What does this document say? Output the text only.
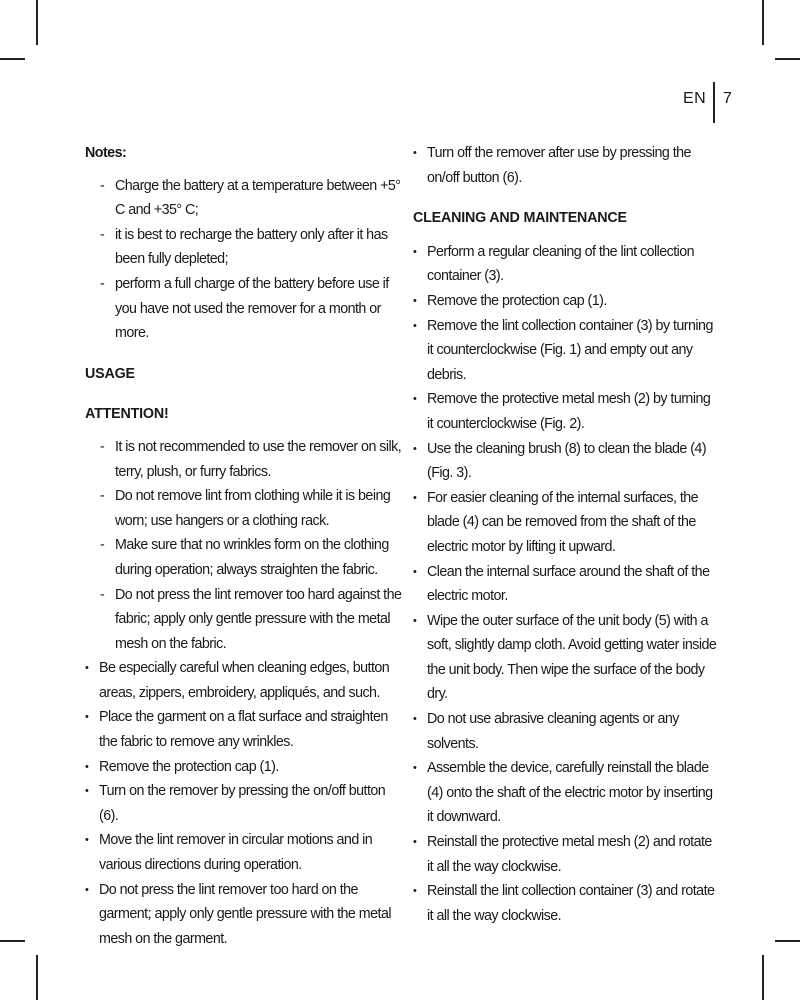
EN 7
Notes:
- Charge the battery at a temperature between +5° C and +35° C;
- it is best to recharge the battery only after it has been fully depleted;
- perform a full charge of the battery before use if you have not used the remover for a month or more.
USAGE
ATTENTION!
- It is not recommended to use the remover on silk, terry, plush, or furry fabrics.
- Do not remove lint from clothing while it is being worn; use hangers or a clothing rack.
- Make sure that no wrinkles form on the clothing during operation; always straighten the fabric.
- Do not press the lint remover too hard against the fabric; apply only gentle pressure with the metal mesh on the fabric.
• Be especially careful when cleaning edges, button areas, zippers, embroidery, appliqués, and such.
• Place the garment on a flat surface and straighten the fabric to remove any wrinkles.
• Remove the protection cap (1).
• Turn on the remover by pressing the on/off button (6).
• Move the lint remover in circular motions and in various directions during operation.
• Do not press the lint remover too hard on the garment; apply only gentle pressure with the metal mesh on the garment.
• Turn off the remover after use by pressing the on/off button (6).
CLEANING AND MAINTENANCE
• Perform a regular cleaning of the lint collection container (3).
• Remove the protection cap (1).
• Remove the lint collection container (3) by turning it counterclockwise (Fig. 1) and empty out any debris.
• Remove the protective metal mesh (2) by turning it counterclockwise (Fig. 2).
• Use the cleaning brush (8) to clean the blade (4) (Fig. 3).
• For easier cleaning of the internal surfaces, the blade (4) can be removed from the shaft of the electric motor by lifting it upward.
• Clean the internal surface around the shaft of the electric motor.
• Wipe the outer surface of the unit body (5) with a soft, slightly damp cloth. Avoid getting water inside the unit body. Then wipe the surface of the body dry.
• Do not use abrasive cleaning agents or any solvents.
• Assemble the device, carefully reinstall the blade (4) onto the shaft of the electric motor by inserting it downward.
• Reinstall the protective metal mesh (2) and rotate it all the way clockwise.
• Reinstall the lint collection container (3) and rotate it all the way clockwise.
